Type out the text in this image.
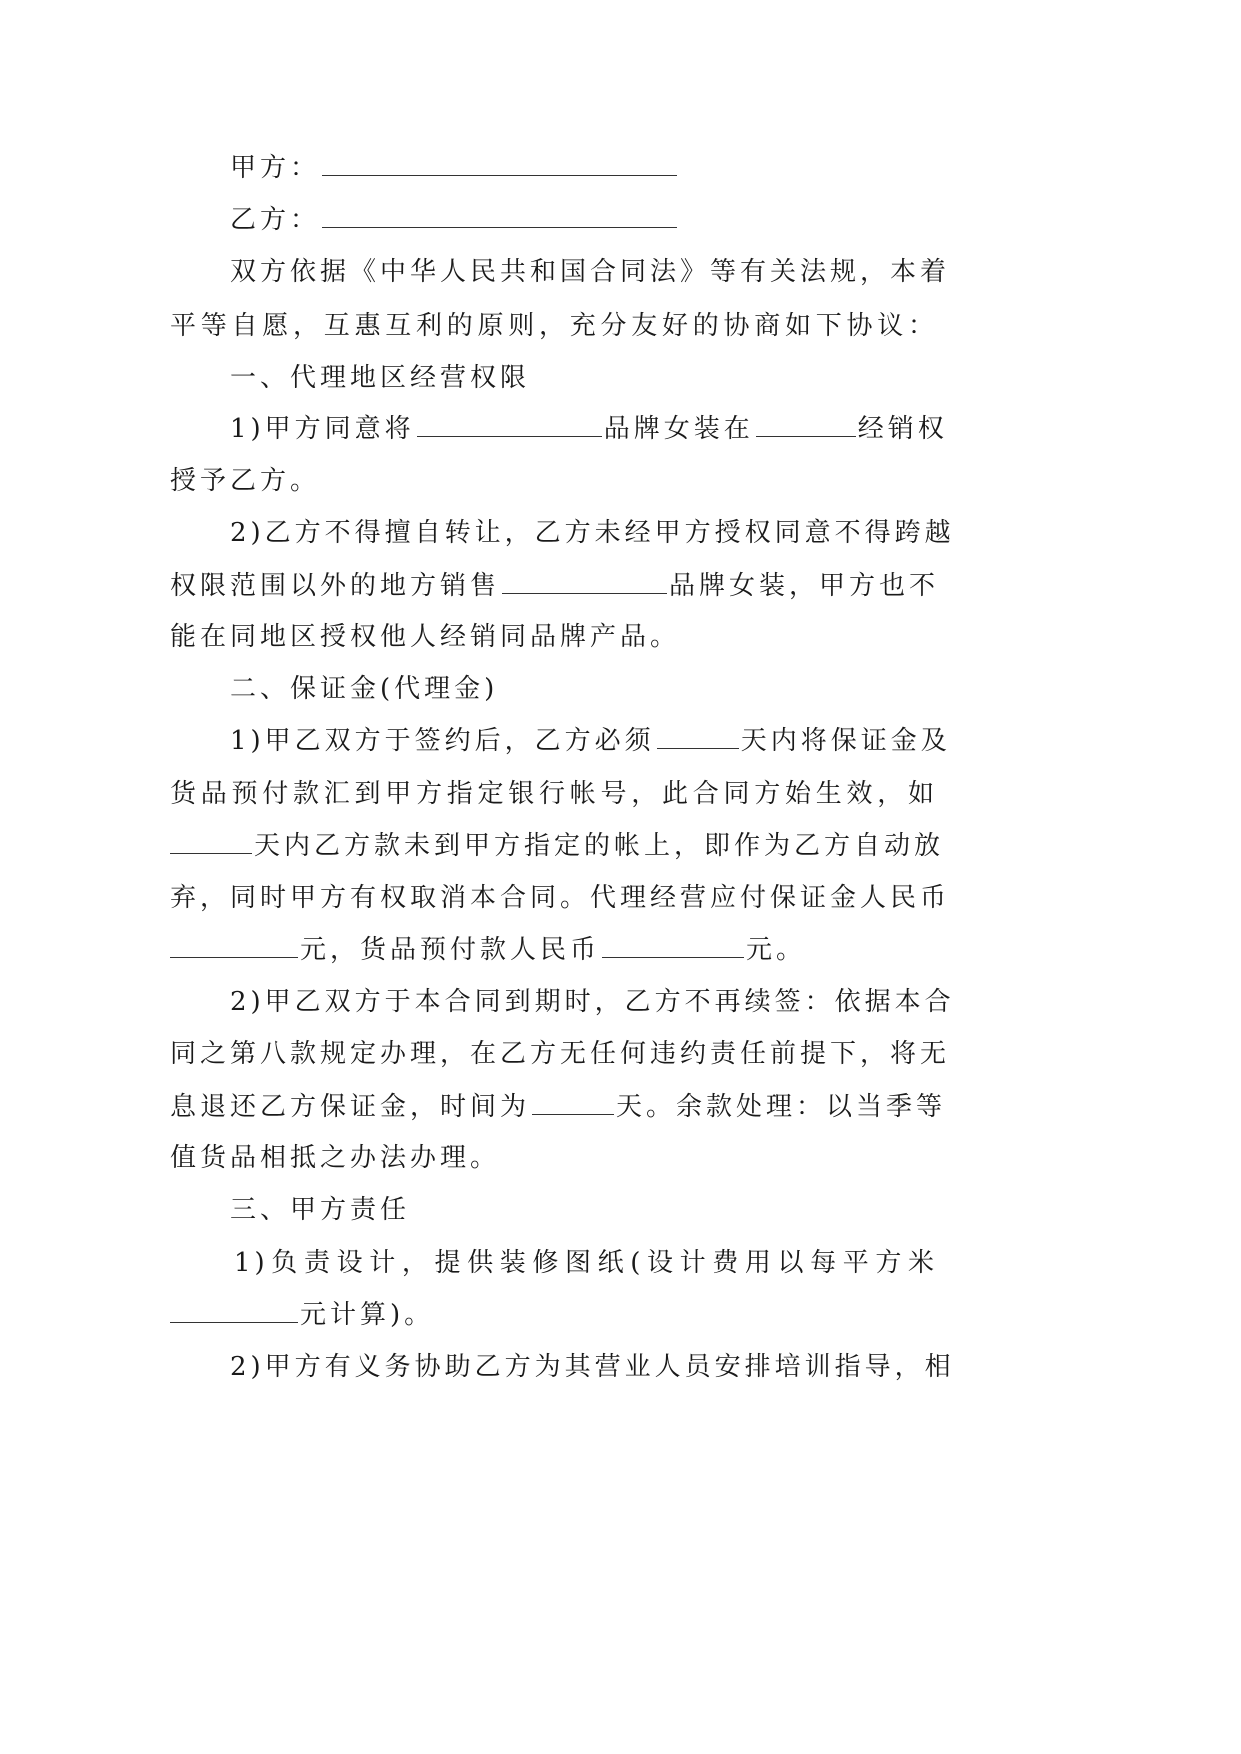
甲方：

乙方：

双方依据《中华人民共和国合同法》等有关法规，本着

平等自愿，互惠互利的原则，充分友好的协商如下协议：

一、代理地区经营权限

1)甲方同意将	品牌女装在	经销权

授予乙方。

2)乙方不得擅自转让，乙方未经甲方授权同意不得跨越

权限范围以外的地方销售	品牌女装，甲方也不

能在同地区授权他人经销同品牌产品。

二、保证金(代理金)

1)甲乙双方于签约后，乙方必须	天内将保证金及

货品预付款汇到甲方指定银行帐号，此合同方始生效，如

天内乙方款未到甲方指定的帐上，即作为乙方自动放

弃，同时甲方有权取消本合同。代理经营应付保证金人民币

元，货品预付款人民币	元。

2)甲乙双方于本合同到期时，乙方不再续签：依据本合

同之第八款规定办理，在乙方无任何违约责任前提下，将无

息退还乙方保证金，时间为	天。余款处理：以当季等

值货品相抵之办法办理。

三、甲方责任

1)负责设计，提供装修图纸(设计费用以每平方米

元计算)。

2)甲方有义务协助乙方为其营业人员安排培训指导，相
